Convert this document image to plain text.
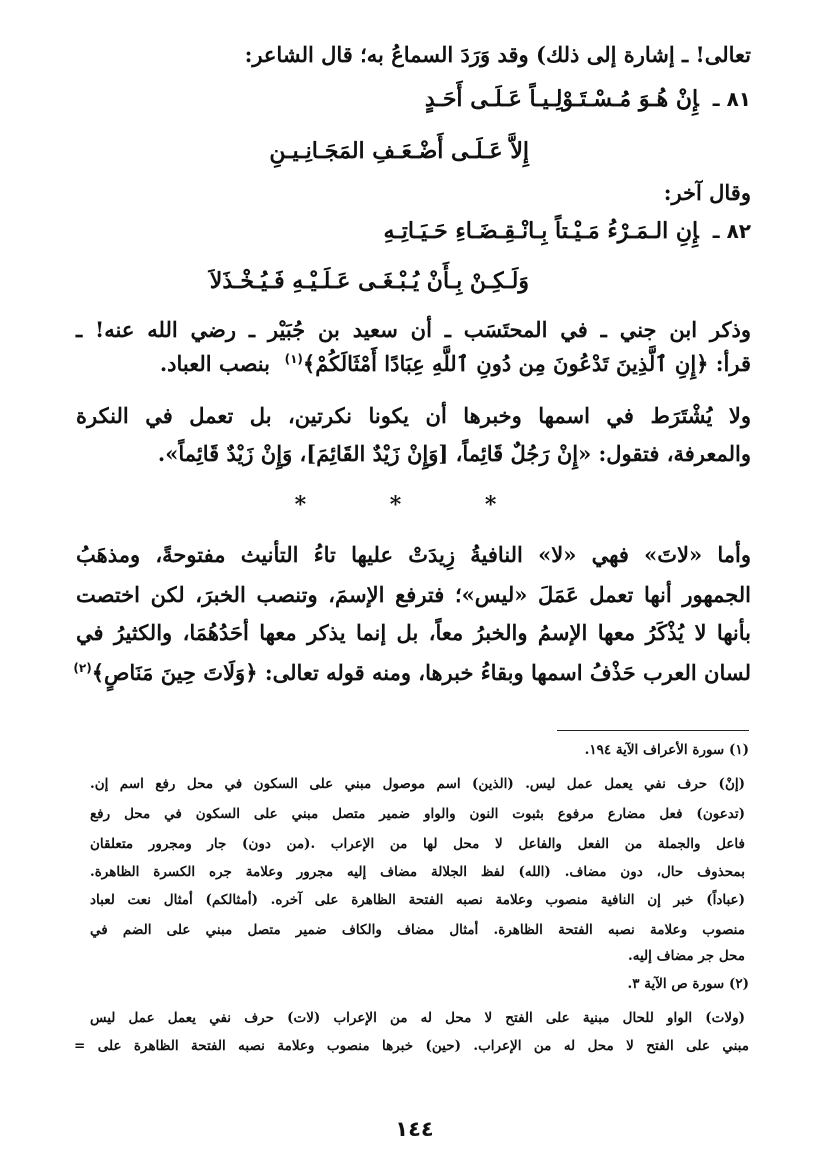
تعالى! ـ إشارة إلى ذلك) وقد وَرَدَ السماعُ به؛ قال الشاعر:
٨١ ـإِنْ هُـوَ مُـسْـتَـوْلِـيـاً عَـلَـى أَحَـدٍ
إِلاَّ عَـلَـى أَضْـعَـفِ المَجَـانِـيـنِ
وقال آخر:
٨٢ ـإِنِ الـمَـرْءُ مَـيْـتاً بِـانْـقِـضَـاءِ حَـيَـاتِـهِ
وَلَـكِـنْ بِـأَنْ يُـبْـغَـى عَـلَـيْـهِ فَـيُـخْـذَلاَ
وذكر ابن جني ـ في المحتَسَب ـ أن سعيد بن جُبَيْر ـ رضي الله عنه! ـ
قرأ: ﴿إِنِ ٱلَّذِينَ تَدْعُونَ مِن دُونِ ٱللَّهِ عِبَادًا أَمْثَالَكُمْ﴾$^{(١)}$  بنصب العباد.
ولا يُشْتَرَط في اسمها وخبرها أن يكونا نكرتين، بل تعمل في النكرة
والمعرفة، فتقول: «إِنْ رَجُلٌ قَائِماً، [وَإِنْ زَيْدٌ القَائِمَ]، وَإِنْ زَيْدٌ قَائِماً».
* * *
وأما «لاتَ» فهي «لا» النافيةُ زِيدَتْ عليها تاءُ التأنيث مفتوحةً، ومذهَبُ
الجمهور أنها تعمل عَمَلَ «ليس»؛ فترفع الإسمَ، وتنصب الخبرَ، لكن اختصت
بأنها لا يُذْكَرُ معها الإسمُ والخبرُ معاً، بل إنما يذكر معها أحَدُهُمَا، والكثيرُ في
لسان العرب حَذْفُ اسمها وبقاءُ خبرها، ومنه قوله تعالى: ﴿وَلَاتَ حِينَ مَنَاصٍ﴾$^{(٢)}$
(١) سورة الأعراف الآية ١٩٤.
(إنْ) حرف نفي يعمل عمل ليس. (الذين) اسم موصول مبني على السكون في محل رفع اسم إن.
(تدعون) فعل مضارع مرفوع بثبوت النون والواو ضمير متصل مبني على السكون في محل رفع
فاعل والجملة من الفعل والفاعل لا محل لها من الإعراب .(من دون) جار ومجرور متعلقان
بمحذوف حال، دون مضاف. (الله) لفظ الجلالة مضاف إليه مجرور وعلامة جره الكسرة الظاهرة.
(عباداً) خبر إن النافية منصوب وعلامة نصبه الفتحة الظاهرة على آخره. (أمثالكم) أمثال نعت لعباد
منصوب وعلامة نصبه الفتحة الظاهرة. أمثال مضاف والكاف ضمير متصل مبني على الضم في
محل جر مضاف إليه.
(٢) سورة ص الآية ٣.
(ولات) الواو للحال مبنية على الفتح لا محل له من الإعراب (لات) حرف نفي يعمل عمل ليس
مبني على الفتح لا محل له من الإعراب. (حين) خبرها منصوب وعلامة نصبه الفتحة الظاهرة على =
١٤٤
